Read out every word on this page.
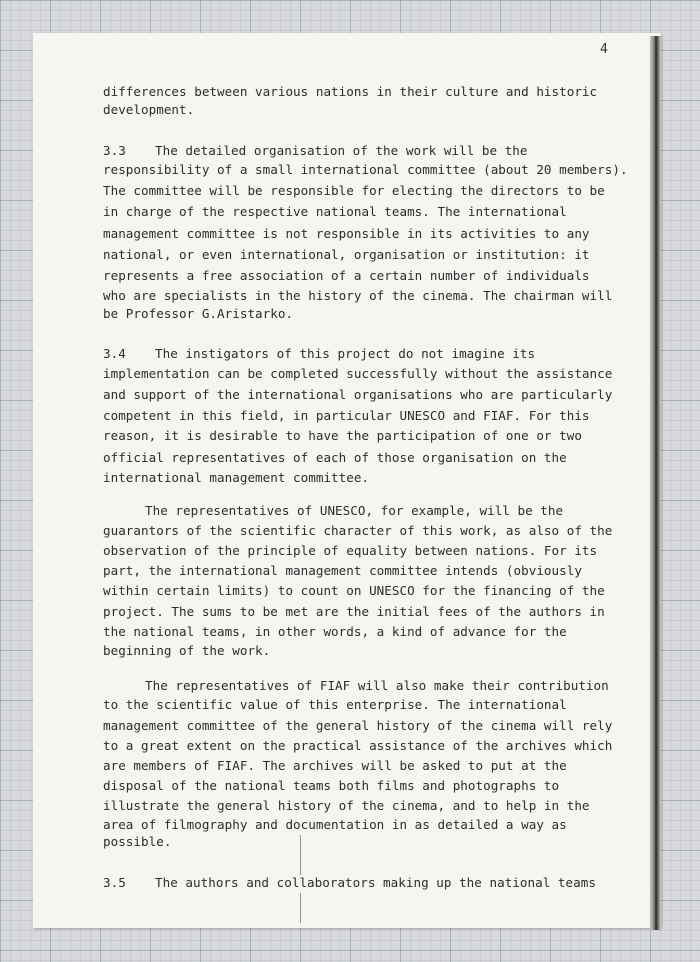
4
differences between various nations in their culture and historic
development.
3.3 The detailed organisation of the work will be the
responsibility of a small international committee (about 20 members).
The committee will be responsible for electing the directors to be
in charge of the respective national teams. The international
management committee is not responsible in its activities to any
national, or even international, organisation or institution: it
represents a free association of a certain number of individuals
who are specialists in the history of the cinema. The chairman will
be Professor G.Aristarko.
3.4 The instigators of this project do not imagine its
implementation can be completed successfully without the assistance
and support of the international organisations who are particularly
competent in this field, in particular UNESCO and FIAF. For this
reason, it is desirable to have the participation of one or two
official representatives of each of those organisation on the
international management committee.
The representatives of UNESCO, for example, will be the
guarantors of the scientific character of this work, as also of the
observation of the principle of equality between nations. For its
part, the international management committee intends (obviously
within certain limits) to count on UNESCO for the financing of the
project. The sums to be met are the initial fees of the authors in
the national teams, in other words, a kind of advance for the
beginning of the work.
The representatives of FIAF will also make their contribution
to the scientific value of this enterprise. The international
management committee of the general history of the cinema will rely
to a great extent on the practical assistance of the archives which
are members of FIAF. The archives will be asked to put at the
disposal of the national teams both films and photographs to
illustrate the general history of the cinema, and to help in the
area of filmography and documentation in as detailed a way as
possible.
3.5 The authors and collaborators making up the national teams
